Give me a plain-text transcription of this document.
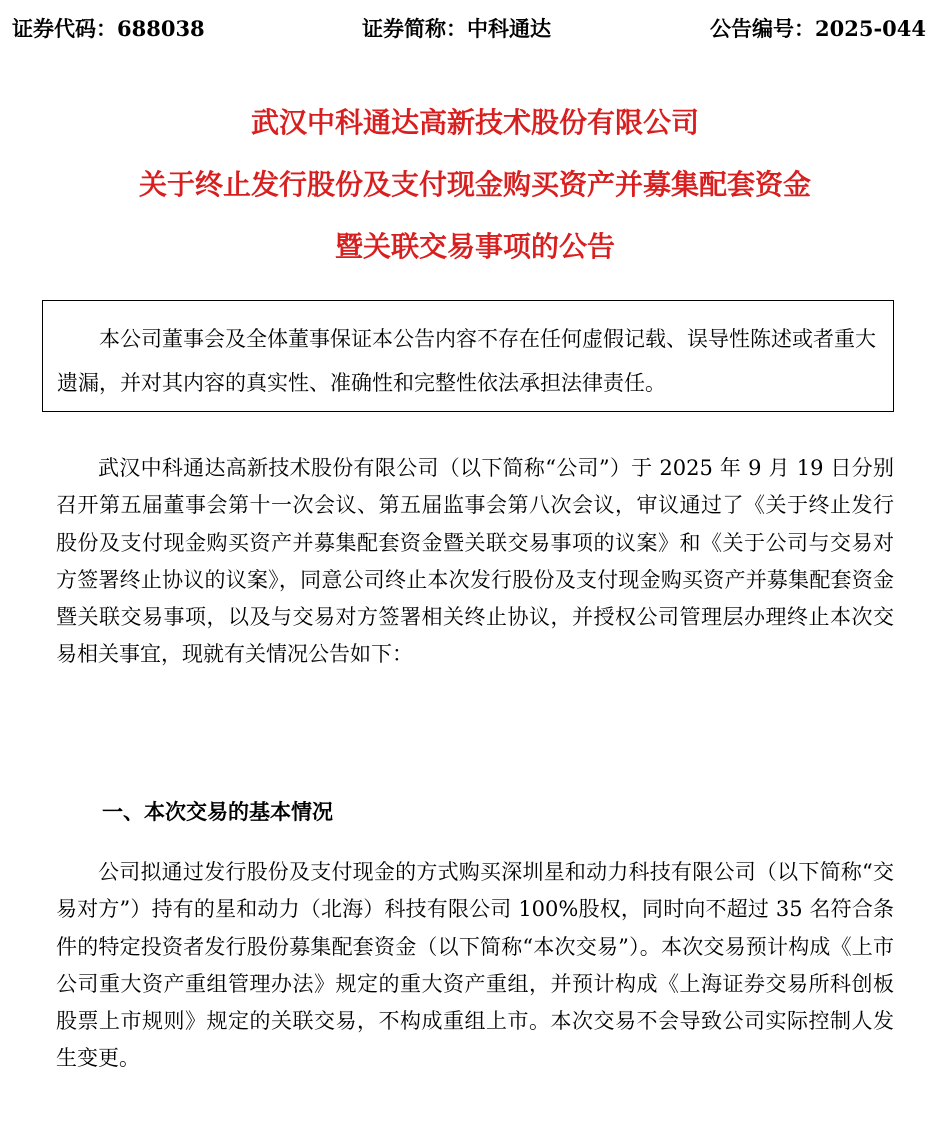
证券代码：688038	证券简称：中科通达	公告编号：2025-044

武汉中科通达高新技术股份有限公司

关于终止发行股份及支付现金购买资产并募集配套资金

暨关联交易事项的公告

本公司董事会及全体董事保证本公告内容不存在任何虚假记载、误导性陈述或者重大遗漏，并对其内容的真实性、准确性和完整性依法承担法律责任。

武汉中科通达高新技术股份有限公司（以下简称“公司”）于 2025 年 9 月 19 日分别召开第五届董事会第十一次会议、第五届监事会第八次会议，审议通过了《关于终止发行股份及支付现金购买资产并募集配套资金暨关联交易事项的议案》和《关于公司与交易对方签署终止协议的议案》，同意公司终止本次发行股份及支付现金购买资产并募集配套资金暨关联交易事项，以及与交易对方签署相关终止协议，并授权公司管理层办理终止本次交易相关事宜，现就有关情况公告如下：

一、本次交易的基本情况

公司拟通过发行股份及支付现金的方式购买深圳星和动力科技有限公司（以下简称“交易对方”）持有的星和动力（北海）科技有限公司 100%股权，同时向不超过 35 名符合条件的特定投资者发行股份募集配套资金（以下简称“本次交易”）。本次交易预计构成《上市公司重大资产重组管理办法》规定的重大资产重组，并预计构成《上海证券交易所科创板股票上市规则》规定的关联交易，不构成重组上市。本次交易不会导致公司实际控制人发生变更。
